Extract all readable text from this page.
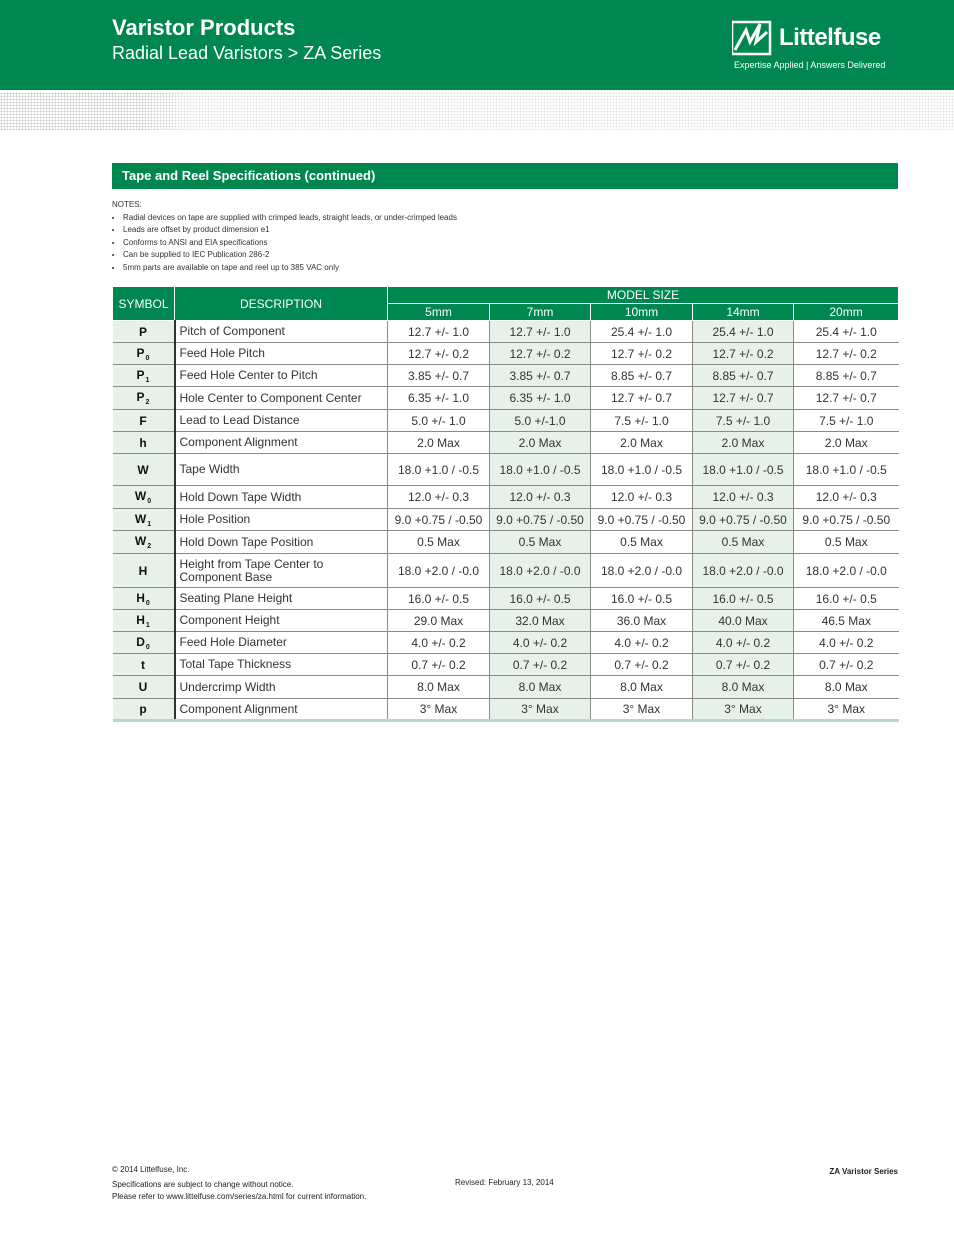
Varistor Products
Radial Lead Varistors > ZA Series
Littelfuse
Expertise Applied | Answers Delivered
Tape and Reel Specifications (continued)
NOTES:
• Radial devices on tape are supplied with crimped leads, straight leads, or under-crimped leads
• Leads are offset by product dimension e1
• Conforms to ANSI and EIA specifications
• Can be supplied to IEC Publication 286-2
• 5mm parts are available on tape and reel up to 385 VAC only
SYMBOL	DESCRIPTION	MODEL SIZE				
		5mm	7mm	10mm	14mm	20mm
P	Pitch of Component	12.7 +/- 1.0	12.7 +/- 1.0	25.4 +/- 1.0	25.4 +/- 1.0	25.4 +/- 1.0
$P_0$	Feed Hole Pitch	12.7 +/- 0.2	12.7 +/- 0.2	12.7 +/- 0.2	12.7 +/- 0.2	12.7 +/- 0.2
$P_1$	Feed Hole Center to Pitch	3.85 +/- 0.7	3.85 +/- 0.7	8.85 +/- 0.7	8.85 +/- 0.7	8.85 +/- 0.7
$P_2$	Hole Center to Component Center	6.35 +/- 1.0	6.35 +/- 1.0	12.7 +/- 0.7	12.7 +/- 0.7	12.7 +/- 0.7
F	Lead to Lead Distance	5.0 +/- 1.0	5.0 +/-1.0	7.5 +/- 1.0	7.5 +/- 1.0	7.5 +/- 1.0
h	Component Alignment	2.0 Max	2.0 Max	2.0 Max	2.0 Max	2.0 Max
W	Tape Width	18.0 +1.0 / -0.5	18.0 +1.0 / -0.5	18.0 +1.0 / -0.5	18.0 +1.0 / -0.5	18.0 +1.0 / -0.5
$W_0$	Hold Down Tape Width	12.0 +/- 0.3	12.0 +/- 0.3	12.0 +/- 0.3	12.0 +/- 0.3	12.0 +/- 0.3
$W_1$	Hole Position	9.0 +0.75 / -0.50	9.0 +0.75 / -0.50	9.0 +0.75 / -0.50	9.0 +0.75 / -0.50	9.0 +0.75 / -0.50
$W_2$	Hold Down Tape Position	0.5 Max	0.5 Max	0.5 Max	0.5 Max	0.5 Max
H	Height from Tape Center to Component Base	18.0 +2.0 / -0.0	18.0 +2.0 / -0.0	18.0 +2.0 / -0.0	18.0 +2.0 / -0.0	18.0 +2.0 / -0.0
$H_0$	Seating Plane Height	16.0 +/- 0.5	16.0 +/- 0.5	16.0 +/- 0.5	16.0 +/- 0.5	16.0 +/- 0.5
$H_1$	Component Height	29.0 Max	32.0 Max	36.0 Max	40.0 Max	46.5 Max
$D_0$	Feed Hole Diameter	4.0 +/- 0.2	4.0 +/- 0.2	4.0 +/- 0.2	4.0 +/- 0.2	4.0 +/- 0.2
t	Total Tape Thickness	0.7 +/- 0.2	0.7 +/- 0.2	0.7 +/- 0.2	0.7 +/- 0.2	0.7 +/- 0.2
U	Undercrimp Width	8.0 Max	8.0 Max	8.0 Max	8.0 Max	8.0 Max
p	Component Alignment	3° Max	3° Max	3° Max	3° Max	3° Max
© 2014 Littelfuse, Inc.
Specifications are subject to change without notice.
Please refer to www.littelfuse.com/series/za.html for current information.
Revised: February 13, 2014
ZA Varistor Series
